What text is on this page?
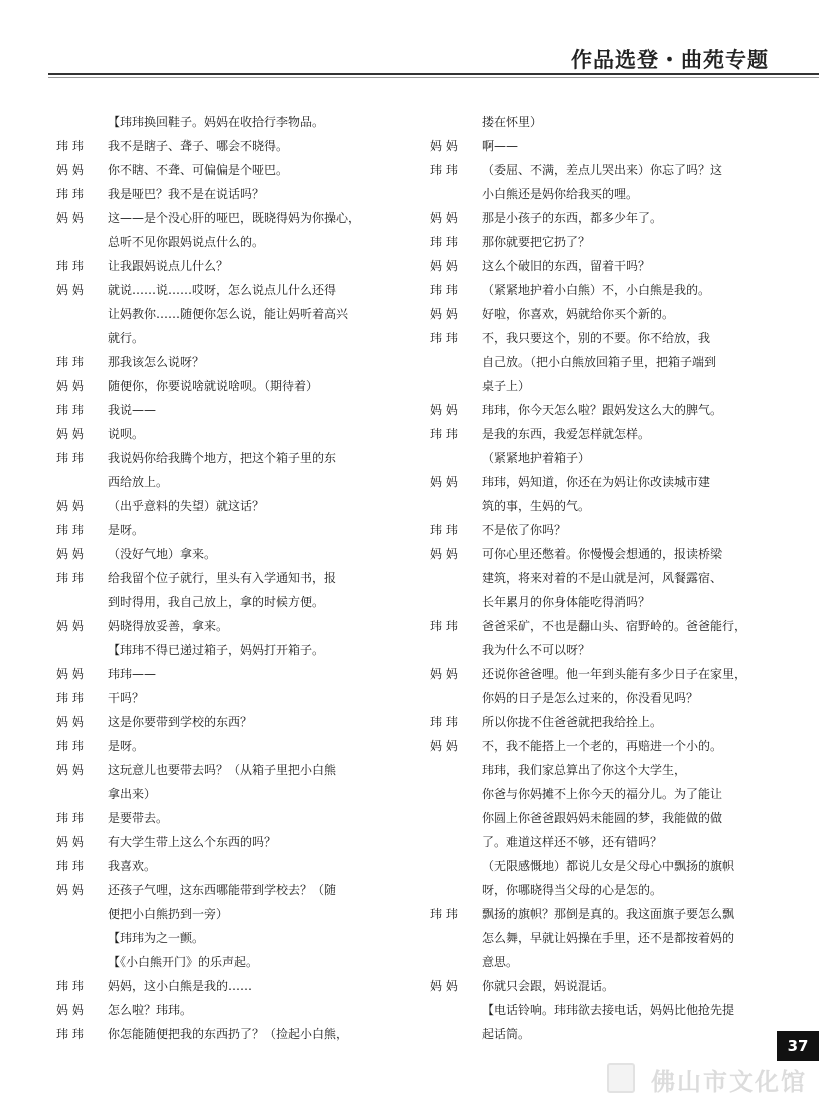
作品选登・曲苑专题
【玮玮换回鞋子。妈妈在收拾行李物品。
玮 玮 我不是瞎子、聋子、哪会不晓得。
妈 妈 你不瞎、不聋、可偏偏是个哑巴。
玮 玮 我是哑巴？我不是在说话吗？
妈 妈 这——是个没心肝的哑巴，既晓得妈为你操心，
总听不见你跟妈说点什么的。
玮 玮 让我跟妈说点儿什么？
妈 妈 就说……说……哎呀，怎么说点儿什么还得
让妈教你……随便你怎么说，能让妈听着高兴
就行。
玮 玮 那我该怎么说呀？
妈 妈 随便你，你要说啥就说啥呗。（期待着）
玮 玮 我说——
妈 妈 说呗。
玮 玮 我说妈你给我腾个地方，把这个箱子里的东
西给放上。
妈 妈 （出乎意料的失望）就这话？
玮 玮 是呀。
妈 妈 （没好气地）拿来。
玮 玮 给我留个位子就行，里头有入学通知书，报
到时得用，我自己放上，拿的时候方便。
妈 妈 妈晓得放妥善，拿来。
【玮玮不得已递过箱子，妈妈打开箱子。
妈 妈 玮玮——
玮 玮 干吗？
妈 妈 这是你要带到学校的东西？
玮 玮 是呀。
妈 妈 这玩意儿也要带去吗？（从箱子里把小白熊
拿出来）
玮 玮 是要带去。
妈 妈 有大学生带上这么个东西的吗？
玮 玮 我喜欢。
妈 妈 还孩子气哩，这东西哪能带到学校去？（随
便把小白熊扔到一旁）
【玮玮为之一颤。
【《小白熊开门》的乐声起。
玮 玮 妈妈，这小白熊是我的……
妈 妈 怎么啦？玮玮。
玮 玮 你怎能随便把我的东西扔了？（捡起小白熊，
搂在怀里）
妈 妈 啊——
玮 玮 （委屈、不满，差点儿哭出来）你忘了吗？这
小白熊还是妈你给我买的哩。
妈 妈 那是小孩子的东西，都多少年了。
玮 玮 那你就要把它扔了？
妈 妈 这么个破旧的东西，留着干吗？
玮 玮 （紧紧地护着小白熊）不，小白熊是我的。
妈 妈 好啦，你喜欢，妈就给你买个新的。
玮 玮 不，我只要这个，别的不要。你不给放，我
自己放。（把小白熊放回箱子里，把箱子端到
桌子上）
妈 妈 玮玮，你今天怎么啦？跟妈发这么大的脾气。
玮 玮 是我的东西，我爱怎样就怎样。
（紧紧地护着箱子）
妈 妈 玮玮，妈知道，你还在为妈让你改读城市建
筑的事，生妈的气。
玮 玮 不是依了你吗？
妈 妈 可你心里还憋着。你慢慢会想通的，报读桥梁
建筑，将来对着的不是山就是河，风餐露宿、
长年累月的你身体能吃得消吗？
玮 玮 爸爸采矿，不也是翻山头、宿野岭的。爸爸能行，
我为什么不可以呀？
妈 妈 还说你爸爸哩。他一年到头能有多少日子在家里，
你妈的日子是怎么过来的，你没看见吗？
玮 玮 所以你拢不住爸爸就把我给拴上。
妈 妈 不，我不能搭上一个老的，再赔进一个小的。
玮玮，我们家总算出了你这个大学生，
你爸与你妈摊不上你今天的福分儿。为了能让
你圆上你爸爸跟妈妈未能圆的梦，我能做的做
了。难道这样还不够，还有错吗？
（无限感慨地）都说儿女是父母心中飘扬的旗帜
呀，你哪晓得当父母的心是怎的。
玮 玮 飘扬的旗帜？那倒是真的。我这面旗子要怎么飘
怎么舞，早就让妈操在手里，还不是都按着妈的
意思。
妈 妈 你就只会跟，妈说混话。
【电话铃响。玮玮欲去接电话，妈妈比他抢先提
起话筒。
37
佛山市文化馆
